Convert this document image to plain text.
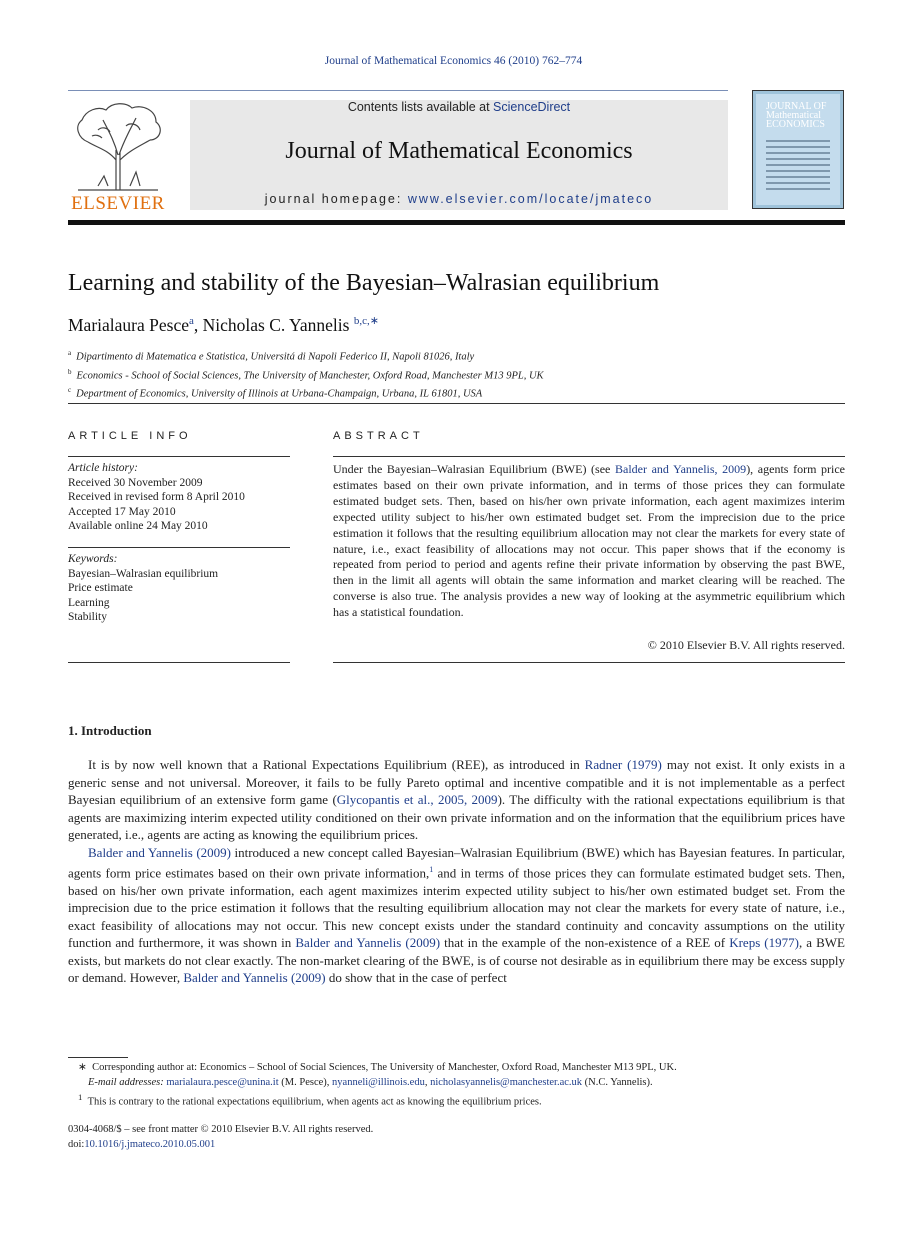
Journal of Mathematical Economics 46 (2010) 762–774
ELSEVIER
Contents lists available at ScienceDirect
Journal of Mathematical Economics
journal homepage: www.elsevier.com/locate/jmateco
JOURNAL OF Mathematical ECONOMICS
Learning and stability of the Bayesian–Walrasian equilibrium
Marialaura Pesce$^a$, Nicholas C. Yannelis $^{b,c,∗}$
$^a$ Dipartimento di Matematica e Statistica, Universitá di Napoli Federico II, Napoli 81026, Italy
$^b$ Economics - School of Social Sciences, The University of Manchester, Oxford Road, Manchester M13 9PL, UK
$^c$ Department of Economics, University of Illinois at Urbana-Champaign, Urbana, IL 61801, USA
ARTICLE INFO
Article history:
Received 30 November 2009
Received in revised form 8 April 2010
Accepted 17 May 2010
Available online 24 May 2010
Keywords:
Bayesian–Walrasian equilibrium
Price estimate
Learning
Stability
ABSTRACT
Under the Bayesian–Walrasian Equilibrium (BWE) (see Balder and Yannelis, 2009), agents form price estimates based on their own private information, and in terms of those prices they can formulate estimated budget sets. Then, based on his/her own private information, each agent maximizes interim expected utility subject to his/her own estimated budget set. From the imprecision due to the price estimation it follows that the resulting equilibrium allocation may not clear the markets for every state of nature, i.e., exact feasibility of allocations may not occur. This paper shows that if the economy is repeated from period to period and agents refine their private information by observing the past BWE, then in the limit all agents will obtain the same information and market clearing will be reached. The converse is also true. The analysis provides a new way of looking at the asymmetric equilibrium which has a statistical foundation.
© 2010 Elsevier B.V. All rights reserved.
1. Introduction

It is by now well known that a Rational Expectations Equilibrium (REE), as introduced in Radner (1979) may not exist. It only exists in a generic sense and not universal. Moreover, it fails to be fully Pareto optimal and incentive compatible and it is not implementable as a perfect Bayesian equilibrium of an extensive form game (Glycopantis et al., 2005, 2009). The difficulty with the rational expectations equilibrium is that agents are maximizing interim expected utility conditioned on their own private information and on the information that the equilibrium prices have generated, i.e., agents are acting as knowing the equilibrium prices.

Balder and Yannelis (2009) introduced a new concept called Bayesian–Walrasian Equilibrium (BWE) which has Bayesian features. In particular, agents form price estimates based on their own private information,$^1$ and in terms of those prices they can formulate estimated budget sets. Then, based on his/her own private information, each agent maximizes interim expected utility subject to his/her own estimated budget set. From the imprecision due to the price estimation it follows that the resulting equilibrium allocation may not clear the markets for every state of nature, i.e., exact feasibility of allocations may not occur. This new concept exists under the standard continuity and concavity assumptions on the utility function and furthermore, it was shown in Balder and Yannelis (2009) that in the example of the non-existence of a REE of Kreps (1977), a BWE exists, but markets do not clear exactly. The non-market clearing of the BWE, is of course not desirable as in equilibrium there may be excess supply or demand. However, Balder and Yannelis (2009) do show that in the case of perfect

∗ Corresponding author at: Economics – School of Social Sciences, The University of Manchester, Oxford Road, Manchester M13 9PL, UK.
E-mail addresses: marialaura.pesce@unina.it (M. Pesce), nyanneli@illinois.edu, nicholasyannelis@manchester.ac.uk (N.C. Yannelis).
$^1$ This is contrary to the rational expectations equilibrium, when agents act as knowing the equilibrium prices.
0304-4068/$ – see front matter © 2010 Elsevier B.V. All rights reserved.
doi:10.1016/j.jmateco.2010.05.001
